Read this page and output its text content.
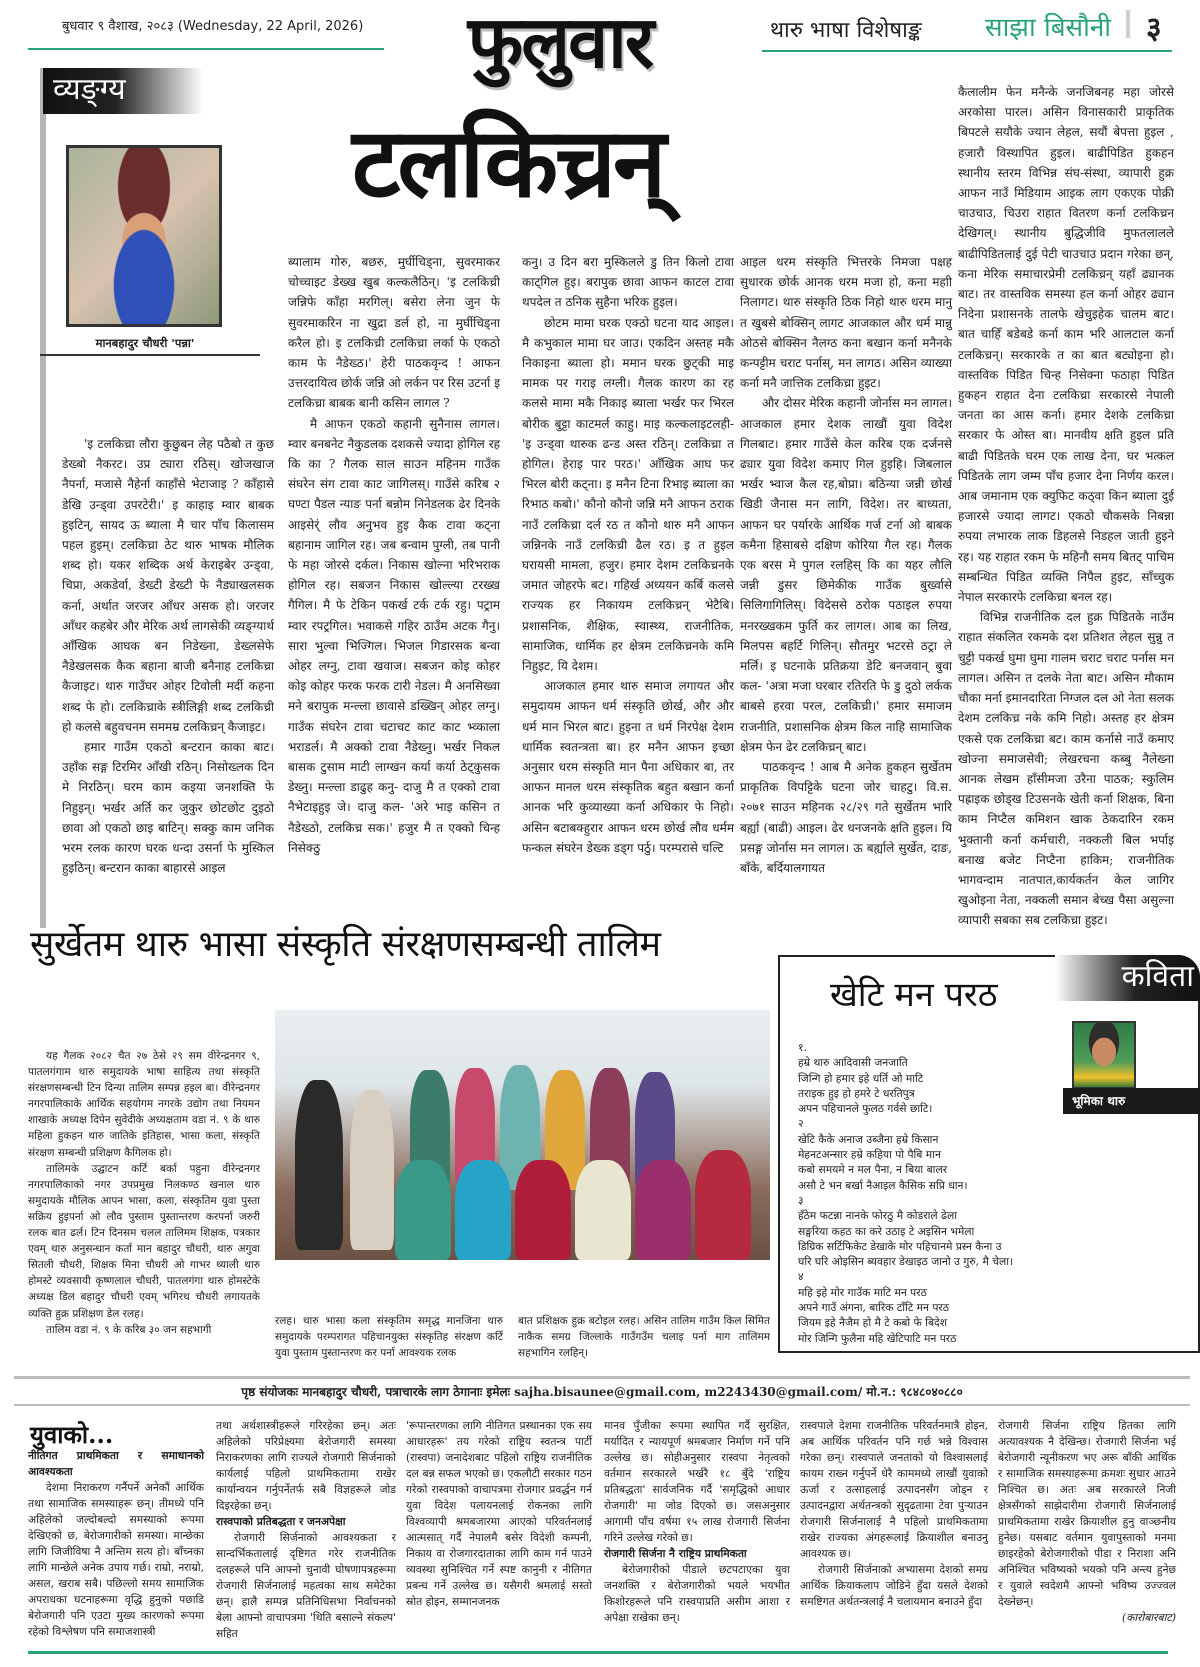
बुधवार ९ वैशाख, २०८३ (Wednesday, 22 April, 2026)	फुलुवार	थारु भाषा विशेषाङ्क साझा बिसौनी ३
व्यङ्ग्य
मानबहादुर चौधरी 'पन्ना'
टलकिच्रन्

'इ टलकिच्रा लौरा कुछुबन लेह पठैबो त कुछ डेख्बो नैकरट। उप्र ट्यारा रठिस्। खोजखाज नैपर्ना, मजासे नैहेर्ना काहाँसे भेटाजाइ ? काँहासे डेखि उन्ड्वा उपरटेरी।' इ काहाइ म्वार बाबक हुइटिन्, सायद ऊ ब्याला मै चार पाँच किलासम पहल हुइम्। टलकिच्रा ठेट थारु भाषक मौलिक शब्द हो। यकर शब्दिक अर्थ केराइबेर उन्ड्वा, चिप्रा, अकडेर्वा, डेख्टी डेख्टी फे नैड्याखलसक कर्ना, अर्थात जरजर आँधर असक हो। जरजर आँधर कहबेर और मेरिक अर्थ लागसेकी व्यङ्ग्यार्थ आँखिक आघक बन निडेख्ना, डेख्लसेफे नैडेखलसक कैक बहाना बाजी बनैनाह टलकिच्रा कैजाइट। थारु गाउँघर ओहर टिवोली मर्दी कहना शब्द फे हो। टलकिच्राके स्त्रीलिङ्गी शब्द टलकिच्री हो कलसे बहुवचनम सममम्र टलकिच्रन् कैजाइट।

हमार गाउँम एकठो बन्टरान काका बाट। उहाँक सङ्ग टिरमिर आँखी रठिन्। निसोख्लक दिन मे निरठिन्। घरम काम कइया जनशक्ति फे निहुइन्। भर्खर अर्ति कर जुकुर छोटछोट दुइठो छावा ओ एकठो छाइ बाटिन्। सक्कु काम जनिक भरम रलक कारण घरक धन्दा उसर्ना फे मुस्किल हुइठिन्। बन्टरान काका बाहारसे आइल

ब्यालाम गोरु, बछरु, मुर्घीचिड्ना, सुवरमाकर चोच्चाइट डेख्ख खुब कल्कलैठिन्। 'इ टलकिच्री जन्निफे काँहा मरगिल्। बसेरा लेना जुन फे सुवरमाकरिन ना खुद्रा डर्ल हो, ना मुर्घीचिड्ना करैल हो। इ टलकिच्री टलकिच्रा लर्का फे एकठो काम फे नैडेख्ठ।' हेरी पाठकवृन्द ! आफन उत्तरदायित्व छोर्क जन्नि ओ लर्कन पर रिस उटर्ना इ टलकिच्रा बाबक बानी कसिन लागल ?

मै आफन एकठो कहानी सुनैनास लागल। म्वार बनबनेट नैकुडलक दशकसे ज्यादा होगिल रह कि का ? गैलक साल साउन महिनम गाउँक संघरेन संग टावा काट जागिलस्। गाउँसे करिब २ घण्टा पैडल न्याङ पर्ना बन्नोम निनेडलक ढेर दिनके आइसेर्ं लौव अनुभव हुइ कैक टावा कट्ना बहानाम जागिल रह। जब बन्वाम पुग्ली, तब पानी फे महा जोरसे दर्कल। निकास खोल्ना भरिभराक होगिल रह। सबजन निकास खोल्ल्या टरख्ख गैगिल। मै फे टेकिन पकर्ख टर्क टर्क रहु। पट्राम म्वार रपट्रगिल। भवाकसे गहिर ठाउँम अटक गैनु। सारा भुल्वा भिज्गिल। भिजल गिडारसक बन्वा ओहर लग्नु, टावा खवाज। सबजन कोइ कोहर कोइ कोहर फरक फरक टारी नेडल। मै अनसिख्वा मने बरापुक मन्ल्ला छावासे डख्खिन् ओहर लग्नु। गाउँक संघरेन टावा चटाचट काट काट भ्व्काला भराडर्ल। मै अक्को टावा नैडेख्नु। भर्खर निकल बासक टुसाम माटी लाग्खन कर्या कर्या ठेट्कुसक डेख्नु। मन्ल्ला डाढुह कनु- दाजु मै त एक्को टावा नैभेटाइहुइ जे। दाजु कल- 'अरे भाइ कसिन त नैडेख्ठो, टलकिच्र सक।' हजुर मै त एक्को चिन्ह निसेक्ठु

कनु। उ दिन बरा मुस्किलले डु तिन किलो टावा काट्गिल हुइ। बरापुक छावा आफन काटल टावा थपदेल त ठनिक सुहैना भरिक हुइल।

छोटम मामा घरक एक्ठो घटना याद आइल। मै कभुकाल मामा घर जाउ। एकदिन अस्तह मकै निकाइना ब्याला हो। ममान घरक छुट्की माइ मामक पर गराइ लग्ली। गैलक कारण का रह कलसे मामा मकै निकाइ ब्याला भर्खर फर भिरल बोरीक बुट्टा काटमर्ल काहु। माइ कल्कलाइटलही- 'इ उन्ड्वा थारुक ढन्ड अस्त रठिन्। टलकिच्रा त होगिल। हेराइ पार परठ।' आँखिक आघ फर भिरल बोरी कट्ना। इ मनैन टिना रिभाइ ब्याला का रिभाठ कबो।' कौनो कौनो जन्नि मनै आफन ठराक नाउँ टलकिच्रा दर्ल रठ त कौनो थारु मनै आफन जन्निनके नाउँ टलकिच्री ढैल रठ। इ त हुइल घरायसी मामला, हजुर। हमार देशम टलकिच्रनके जमात जोहरफे बट। गहिर्ख अध्ययन कर्बि कलसे राज्यक हर निकायम टलकिच्रन् भेटैबि। प्रशासनिक, शैक्षिक, स्वास्थ्य, राजनीतिक, सामाजिक, धार्मिक हर क्षेत्रम टलकिच्रनके कमि निहुइट, यि देशम।

आजकाल हमार थारु समाज लगायत और समुदायम आफन धर्म संस्कृति छोर्ख, और और धर्म मान भिरल बाट। हुइना त धर्म निरपेक्ष देशम धार्मिक स्वतन्त्रता बा। हर मनैन आफन इच्छा अनुसार धरम संस्कृति मान पैना अधिकार बा, तर आफन मानल धरम संस्कृतिक बहुत बखान कर्ना आनक भरि कुव्याख्या कर्ना अधिकार फे निहो। असिन बटाबक्हुरार आफन धरम छोर्ख लौव धर्मम फन्कल संघरेन डेख्क डड्ग पर्ठु। परम्परासे चल्टि

आइल धरम संस्कृति भित्तरके निमजा पक्षह सुधारक छोर्क आनक धरम मजा हो, कना महाी निलागट। थारु संस्कृति ठिक निहो थारु धरम मानु त खुबसे बोक्सिन् लागट आजकाल और धर्म मान्नु ओठसे बोक्सिन नैलग्ठ कना बखान कर्ना मनैनके कन्पट्टीम चराट पर्नास्, मन लागठ। असिन व्याख्या कर्ना मनै जात्तिक टलकिच्रा हुइट।

और दोसर मेरिक कहानी जोर्नास मन लागल। आजकाल हमार देशक लाखौं युवा विदेश गिलबाट। हमार गाउँसे केल करिब एक दर्जनसे ढ्यार युवा विदेश कमाए गिल हुइहि। जिबलाल भर्खर भ्वाज कैल रह,बोप्रा। बठिन्या जन्नी छोर्ख खिडी जैनास मन लागि, विदेश। तर बाध्यता, आफन घर पर्यारके आर्थिक गर्ज टर्ना ओ बाबक कमैना हिसाबसे दक्षिण कोरिया गैल रह। गैलक एक बरस मे पुगल रलहिस् कि का यहर लौलि जन्नी डुसर छिमेकीक गाउँक बुर्ख्वासे सिलिगागिलिस्। विदेससे ठरोक पठाइल रुपया मनरख्खकम फुर्ति कर लागल। आब का लिख, मिलपस बहर्टि गिलिन्। सौतमुर भटरसे ठट्रा ले मर्लि। इ घटनाके प्रतिक्रया डेटि बनजवान् बुवा कल- 'अत्रा मजा घरबार रतिरति फे डु दुठो लर्कक बाबसे हरवा परल, टलकिच्री।' हमार समाजम राजनीति, प्रशासनिक क्षेत्रम किल नाहि सामाजिक क्षेत्रम फेन ढेर टलकिच्रन् बाट।

पाठकवृन्द ! आब मै अनेक हुकहन सुर्खेतम प्राकृतिक विपट्टिके घटना जोर चाहटु। वि.स. २०७१ साउन महिनक २८/२९ गते सुर्खेतम भारि बर्ह्या (बाढी) आइल। ढेर धनजनके क्षति हुइल। यि प्रसङ्ग जोर्नास मन लागल। ऊ बर्ह्याले सुर्खेत, दाङ, बाँके, बर्दियालगायत

कैलालीम फेन मनैन्के जनजिबनह महा जोरसे अरकोसा पारल। असिन विनासकारी प्राकृतिक बिपटले सयौके ज्यान लेहल, सयौं बेपत्ता हुइल , हजारौ विस्थापित हुइल। बाढीपिडित हुकहन स्थानीय स्तरम विभिन्न संघ-संस्था, व्यापारी हुक्र आफन नाउँ मिडियाम आइक लाग एकएक पोक्री चाउचाउ, चिउरा राहात वितरण कर्ना टलकिच्रन देखिगल्। स्थानीय बुद्धिजीवि मुफतलालले बाढीपिडितलाई दुई पेटी चाउचाउ प्रदान गरेका छन्, कना मेरिक समाचारप्रेमी टलकिच्रन् यहाँ ढ्यानक बाट। तर वास्तविक समस्या हल कर्ना ओहर ढ्यान निदेना प्रशासनके तालफे खेचुइहेक चालम बाट। बात चाहिँ बडेबडे कर्ना काम भरि आलटाल कर्ना टलकिच्रन्। सरकारके त का बात बट्योइना हो। वास्तविक पिडित चिन्ह निसेक्ना फठाहा पिडित हुकहन राहात देना टलकिच्रा सरकारसे नेपाली जनता का आस कर्ना। हमार देशके टलकिच्रा सरकार फे ओस्त बा। मानवीय क्षति हुइल प्रति बाढी पिडितके घरम एक लाख देना, घर भत्कल पिडितके लाग जम्म पाँच हजार देना निर्णय करल। आब जमानाम एक क्युफिट कठ्वा किन ब्याला दुई हजारसे ज्यादा लागट। एकठो चौकसके निबन्ना रुपया लभारक लाक डिहलसे निडहल जाती हुइने रह। यह राहात रकम फे महिनौ समय बितट् पाचिम सम्बन्धित पिडित व्यक्ति निपैल हुइट, साँच्चुक नेपाल सरकारफे टलकिच्रा बनल रह।

विभिन्न राजनीतिक दल हुक्र पिडितके नाउँम राहात संकलित रकमके दश प्रतिशत लेहल सुन्नु त चुट्टी पकर्ख घुमा घुमा गालम चराट चराट पर्नास मन लागल। असिन त दलके नेता बाट। असिन मौकाम चौका मर्ना इमानदारिता निग्जल दल ओ नेता सलक देशम टलकिच्र नके कमि निहो। अस्तह हर क्षेत्रम एकसे एक टलकिच्रा बट। काम कर्नासे नाउँ कमाए खोज्ना समाजसेवी; लेखरचना कब्बु नैलेख्ना आनक लेखम हाँसीमजा उरैना पाठक; स्कुलिम पह्राइक छोड्ख टिउसनके खेती कर्ना शिक्षक, बिना काम निप्टैल कमिशन खाक ठेकदारिन रकम भुक्तानी कर्ना कर्मचारी, नक्कली बिल भर्पाइ बनाख बजेट निप्टैना हाकिम; राजनीतिक भागवन्दाम नातपात,कार्यकर्तन केल जागिर खुओइना नेता, नक्कली समान बेच्ख पैसा असुल्ना व्यापारी सबका सब टलकिच्रा हुइट।

सुर्खेतम थारु भासा संस्कृति संरक्षणसम्बन्धी तालिम

यह गैलक २०८२ चैत २७ ठेसे २९ सम वीरेन्द्रनगर ९, पातलगंगाम थारु समुदायके भाषा साहित्य तथा संस्कृति संरक्षणसम्बन्धी टिन दिन्या तालिम सम्पन्न हइल बा। वीरेन्द्रनगर नगरपालिकाके आर्थिक सहयोगम नगरके उद्योग तथा नियमन शाखाके अध्यक्ष दिपेन सुवेदीके अध्यक्षताम वडा नं. ९ के थारु महिला हुकहन थारु जातिके इतिहास, भासा कला, संस्कृति संरक्षण सम्बन्धी प्रशिक्षण कैगिलक हो।

तालिमके उद्घाटन कर्टि बर्का पहुना वीरेन्द्रनगर नगरपालिकाको नगर उपप्रमुख निलकण्ठ खनाल थारु समुदायके मौलिक आपन भासा, कला, संस्कृतिम युवा पुस्ता सक्रिय हुइपर्ना ओ लौव पुस्ताम पुस्तान्तरण करपर्ना जरुरी रलक बात ढर्ल। टिन दिनसम चलल तालिमम शिक्षक, पत्रकार एवम् थारु अनुसन्धान कर्ता मान बहादुर चौधरी, थारु अगुवा सितली चौधरी, शिक्षक मिना चौधरी ओ गाभर थ्याली थारु होमस्टे व्यवसायी कृष्णलाल चौधरी, पातलगंगा थारु होमस्टेके अध्यक्ष डिल बहादुर चौधरी एवम् भगिरथ चौधरी लगायतके व्यक्ति हुक्र प्रशिक्षण डेल रलह।

तालिम वडा नं. ९ के करिब ३० जन सहभागी

रलह। थारु भासा कला संस्कृतिम समृद्ध मानजिना थारु समुदायके परम्परागत पहिचानयुक्त संस्कृतिह संरक्षण कर्टि युवा पुस्ताम पुस्तान्तरण कर पर्ना आवश्यक रलक

बात प्रशिक्षक हुक्र बटोइल रलह। असिन तालिम गाउँम किल सिमित नाकैक समग्र जिल्लाके गाउँगउँम चलाइ पर्ना माग तालिमम सहभागिन रलहिन्।

कविता
खेटि मन परठ
भूमिका थारु
१.
हम्रे थारु आदिवासी जनजाति
जिन्गि हो हमार इहे धर्ति ओ माटि
तराइक हुइ हो हमरे टे धरतिपुत्र
अपन पहिचानले फुलठ गर्वसे छाटि।
२
खेटि कैके अनाज उब्जैना हम्रे किसान
मेहनटअन्सार हम्रे कहिया पो पैबि मान
कबो समयमे न मल पैना, न बिया बालर
असौ टे भन बर्खा नैआइल कैसिक सप्रि धान।
३
हँठेम फटन्ना नानके फोरठु मै कोडराले ढेला
सङ्घरिया कहठ का करे उठाइ टे अइसिन भमेला
डिग्रिक सर्टिफिकेट डेखाके मोर पहिचानमे प्रस्न कैना उ
घरि घरि ओइसिन ब्यवहार डेखाइठ जानो उ गुरु, मै चेला।
४
महि इहे मोर गाउँक माटि मन परठ
अपने गाउँ अंगना, बारिक टाँटि मन परठ
जियम इहे नैजैम हो मै टे कबो फे बिदेश
मोर जिन्गि फुलैना महि खेटिपाटि मन परठ
पृष्ठ संयोजकः मानबहादुर चौधरी, पत्राचारके लाग ठेगानाः इमेलः sajha.bisaunee@gmail.com, m2243430@gmail.com/ मो.न.: ९८४८०४०८८०
युवाको...

नीतिगत प्राथमिकता र समाधानको आवश्यकता

देशमा निराकरण गर्नैपर्ने अनेकौं आर्थिक तथा सामाजिक समस्याहरू छन्। तीमध्ये पनि अहिलेको जल्दोबल्दो समस्याको रूपमा देखिएको छ, बेरोजगारीको समस्या। मान्छेका लागि जिजीविषा नै अन्तिम सत्य हो। बाँच्नका लागि मान्छेले अनेक उपाय गर्छ। राम्रो, नराम्रो, असल, खराब सबै। पछिल्लो समय सामाजिक अपराधका घटनाहरूमा वृद्धि हुनुको पछाडि बेरोजगारी पनि एउटा मुख्य कारणको रूपमा रहेको विश्लेषण पनि समाजशास्त्री

तथा अर्थशास्त्रीहरूले गरिरहेका छन्। अतः अहिलेको परिप्रेक्ष्यमा बेरोजगारी समस्या निराकरणका लागि राज्यले रोजगारी सिर्जनाको कार्यलाई पहिलो प्राथमिकतामा राखेर कार्यान्वयन गर्नुपर्नेतर्फ सबै विज्ञहरूले जोड दिइरहेका छन्।

रास्वपाको प्रतिबद्धता र जनअपेक्षा

रोजगारी सिर्जनाको आवश्यकता र सान्दर्भिकतालाई दृष्टिगत गरेर राजनीतिक दलहरूले पनि आफ्नो चुनावी घोषणापत्रहरूमा रोजगारी सिर्जनालाई महत्वका साथ समेटेका छन्। हालै सम्पन्न प्रतिनिधिसभा निर्वाचनको बेला आफ्नो वाचापत्रमा 'थिति बसाल्ने संकल्प' सहित

'रूपान्तरणका लागि नीतिगत प्रस्थानका एक सय आधारहरू' तय गरेको राष्ट्रिय स्वतन्त्र पार्टी (रास्वपा) जनादेशबाट पहिलो राष्ट्रिय राजनीतिक दल बन्न सफल भएको छ। एकलौटी सरकार गठन गरेको रास्वपाको वाचापत्रमा रोजगार प्रवर्द्धन गर्न युवा विदेश पलायनलाई रोकनका लागि विश्वव्यापी श्रमबजारमा आएको परिवर्तनलाई आत्मसात् गर्दै नेपालमै बसेर विदेशी कम्पनी, निकाय वा रोजगारदाताका लागि काम गर्न पाउने व्यवस्था सुनिश्चित गर्ने स्पष्ट कानुनी र नीतिगत प्रबन्ध गर्ने उल्लेख छ। यसैगरी श्रमलाई सस्तो स्रोत होइन, सम्मानजनक

मानव पुँजीका रूपमा स्थापित गर्दै सुरक्षित, मर्यादित र न्यायपूर्ण श्रमबजार निर्माण गर्ने पनि उल्लेख छ। सोहीअनुसार रास्वपा नेतृत्वको वर्तमान सरकारले भर्खरै १८ बुँदे 'राष्ट्रिय प्रतिबद्धता' सार्वजनिक गर्दै 'समृद्धिको आधार रोजगारी' मा जोड दिएको छ। जसअनुसार आगामी पाँच वर्षमा १५ लाख रोजगारी सिर्जना गरिने उल्लेख गरेको छ।

रोजगारी सिर्जना नै राष्ट्रिय प्राथमिकता

बेरोजगारीको पीडाले छटपटाएका युवा जनशक्ति र बेरोजगारीको भयले भयभीत किशोरहरूले पनि रास्वपाप्रति असीम आशा र अपेक्षा राखेका छन्।

रास्वपाले देशमा राजनीतिक परिवर्तनमात्रै होइन, अब आर्थिक परिवर्तन पनि गर्छ भन्ने विश्वास गरेका छन्। रास्वपाले जनताको यो विश्वासलाई कायम राख्न गर्नुपर्ने धेरै काममध्ये लाखौं युवाको ऊर्जा र उत्साहलाई उत्पादनसँग जोड्न र उत्पादनद्वारा अर्थतन्त्रको सुदृढतामा टेवा पुऱ्याउन रोजगारी सिर्जनालाई नै पहिलो प्राथमिकतामा राखेर राज्यका अंगहरूलाई क्रियाशील बनाउनु आवश्यक छ।

रोजगारी सिर्जनाको अभ्यासमा देशको समग्र आर्थिक क्रियाकलाप जोडिने हुँदा यसले देशको समष्टिगत अर्थतन्त्रलाई नै चलायमान बनाउने हुँदा

रोजगारी सिर्जना राष्ट्रिय हितका लागि अत्यावश्यक नै देखिन्छ। रोजगारी सिर्जना भई बेरोजगारी न्यूनीकरण भए अरू बाँकी आर्थिक र सामाजिक समस्याहरूमा क्रमशः सुधार आउने निश्चित छ। अतः अब सरकारले निजी क्षेत्रसँगको साझेदारीमा रोजगारी सिर्जनालाई प्राथमिकतामा राखेर क्रियाशील हुनु वाञ्छनीय हुनेछ। यसबाट वर्तमान युवापुस्ताको मनमा छाइरहेको बेरोजगारीको पीडा र निराशा अनि अनिश्चित भविष्यको भयको पनि अन्त्य हुनेछ र युवाले स्वदेशमै आफ्नो भविष्य उज्ज्वल देख्नेछन्।

(कारोबारबाट)
